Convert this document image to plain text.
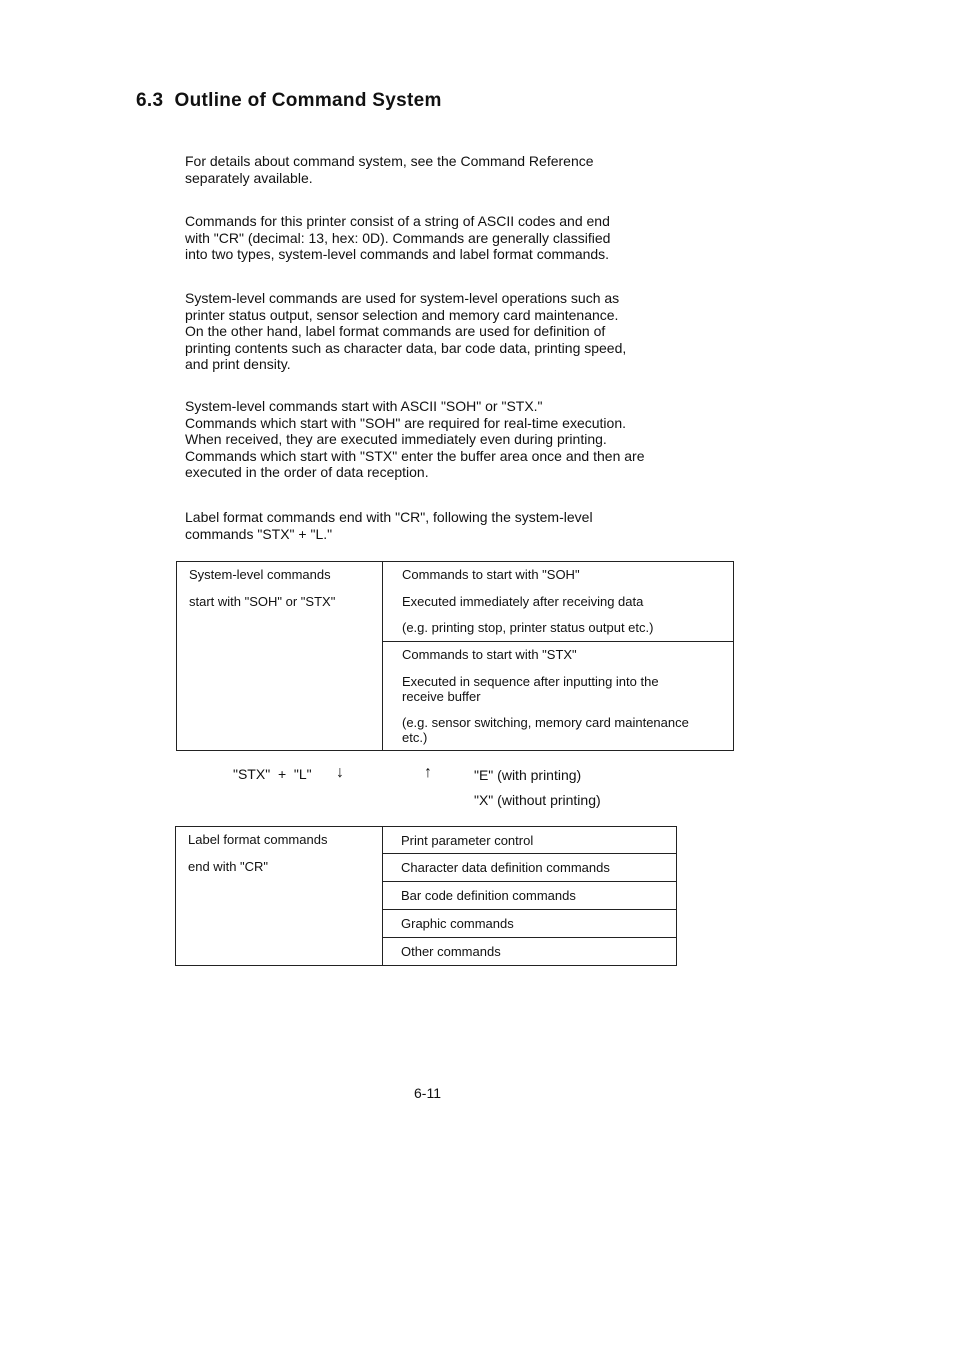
6.3 Outline of Command System
For details about command system, see the Command Reference
separately available.
Commands for this printer consist of a string of ASCII codes and end
with "CR" (decimal: 13, hex: 0D). Commands are generally classified
into two types, system-level commands and label format commands.
System-level commands are used for system-level operations such as
printer status output, sensor selection and memory card maintenance.
On the other hand, label format commands are used for definition of
printing contents such as character data, bar code data, printing speed,
and print density.
System-level commands start with ASCII "SOH" or "STX."
Commands which start with "SOH" are required for real-time execution.
When received, they are executed immediately even during printing.
Commands which start with "STX" enter the buffer area once and then are
executed in the order of data reception.
Label format commands end with "CR", following the system-level
commands "STX" + "L."
System-level commands
start with "SOH" or "STX"
Commands to start with "SOH"
Executed immediately after receiving data
(e.g. printing stop, printer status output etc.)
Commands to start with "STX"
Executed in sequence after inputting into the
receive buffer
(e.g. sensor switching, memory card maintenance
etc.)
"STX"  +  "L" ↓	↑	"E" (with printing)
"X" (without printing)
Label format commands
end with "CR"
Print parameter control
Character data definition commands
Bar code definition commands
Graphic commands
Other commands
6-11
